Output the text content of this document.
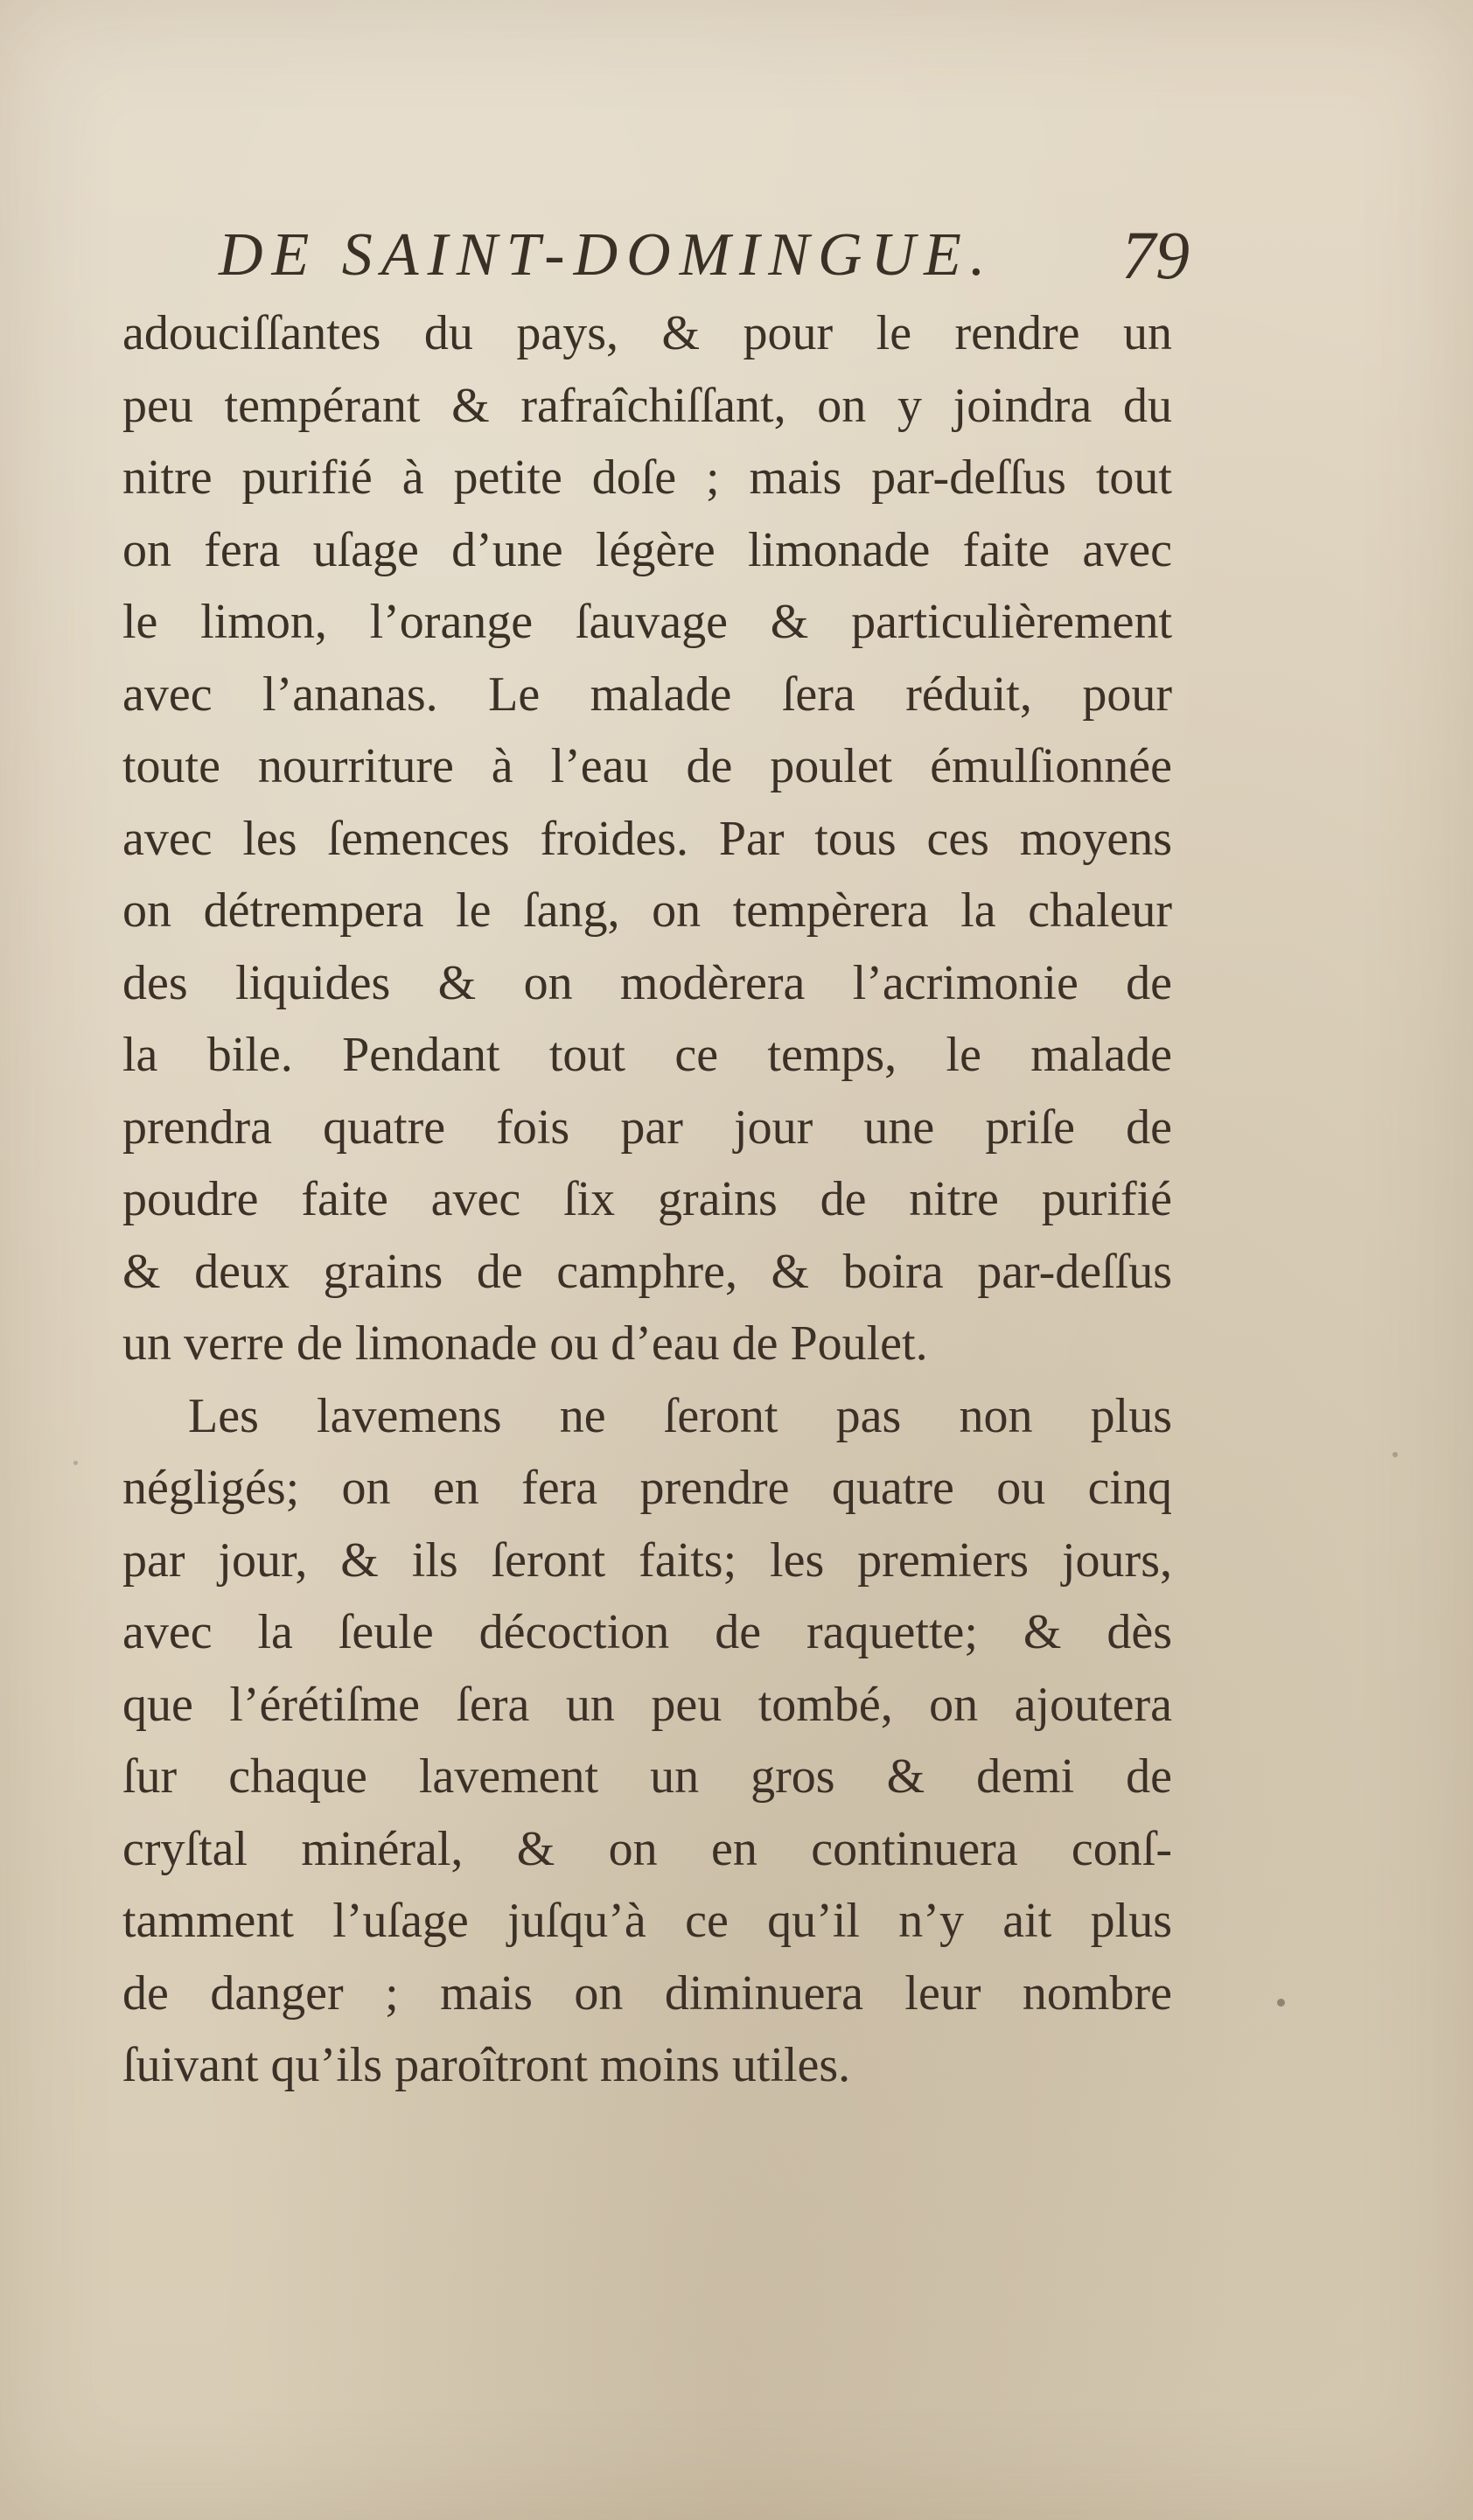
DE SAINT-DOMINGUE. 79
adouciſſantes du pays, & pour le rendre un
peu tempérant & rafraîchiſſant, on y joindra du
nitre purifié à petite doſe ; mais par-deſſus tout
on fera uſage d’une légère limonade faite avec
le limon, l’orange ſauvage & particulièrement
avec l’ananas. Le malade ſera réduit, pour
toute nourriture à l’eau de poulet émulſionnée
avec les ſemences froides. Par tous ces moyens
on détrempera le ſang, on tempèrera la chaleur
des liquides & on modèrera l’acrimonie de
la bile. Pendant tout ce temps, le malade
prendra quatre fois par jour une priſe de
poudre faite avec ſix grains de nitre purifié
& deux grains de camphre, & boira par-deſſus
un verre de limonade ou d’eau de Poulet.
Les lavemens ne ſeront pas non plus
négligés; on en fera prendre quatre ou cinq
par jour, & ils ſeront faits; les premiers jours,
avec la ſeule décoction de raquette; & dès
que l’érétiſme ſera un peu tombé, on ajoutera
ſur chaque lavement un gros & demi de
cryſtal minéral, & on en continuera conſ-
tamment l’uſage juſqu’à ce qu’il n’y ait plus
de danger ; mais on diminuera leur nombre
ſuivant qu’ils paroîtront moins utiles.
